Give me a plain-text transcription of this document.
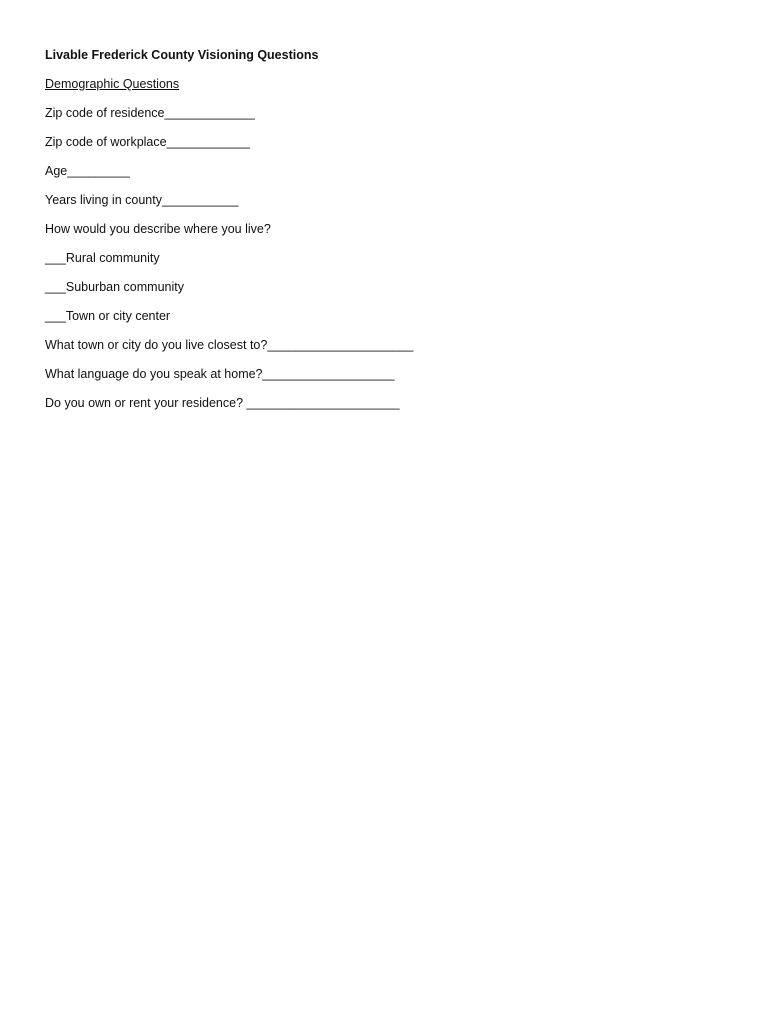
Livable Frederick County Visioning Questions
Demographic Questions
Zip code of residence_____________
Zip code of workplace____________
Age_________
Years living in county___________
How would you describe where you live?
___Rural community
___Suburban community
___Town or city center
What town or city do you live closest to?_____________________
What language do you speak at home?___________________
Do you own or rent your residence? ______________________
